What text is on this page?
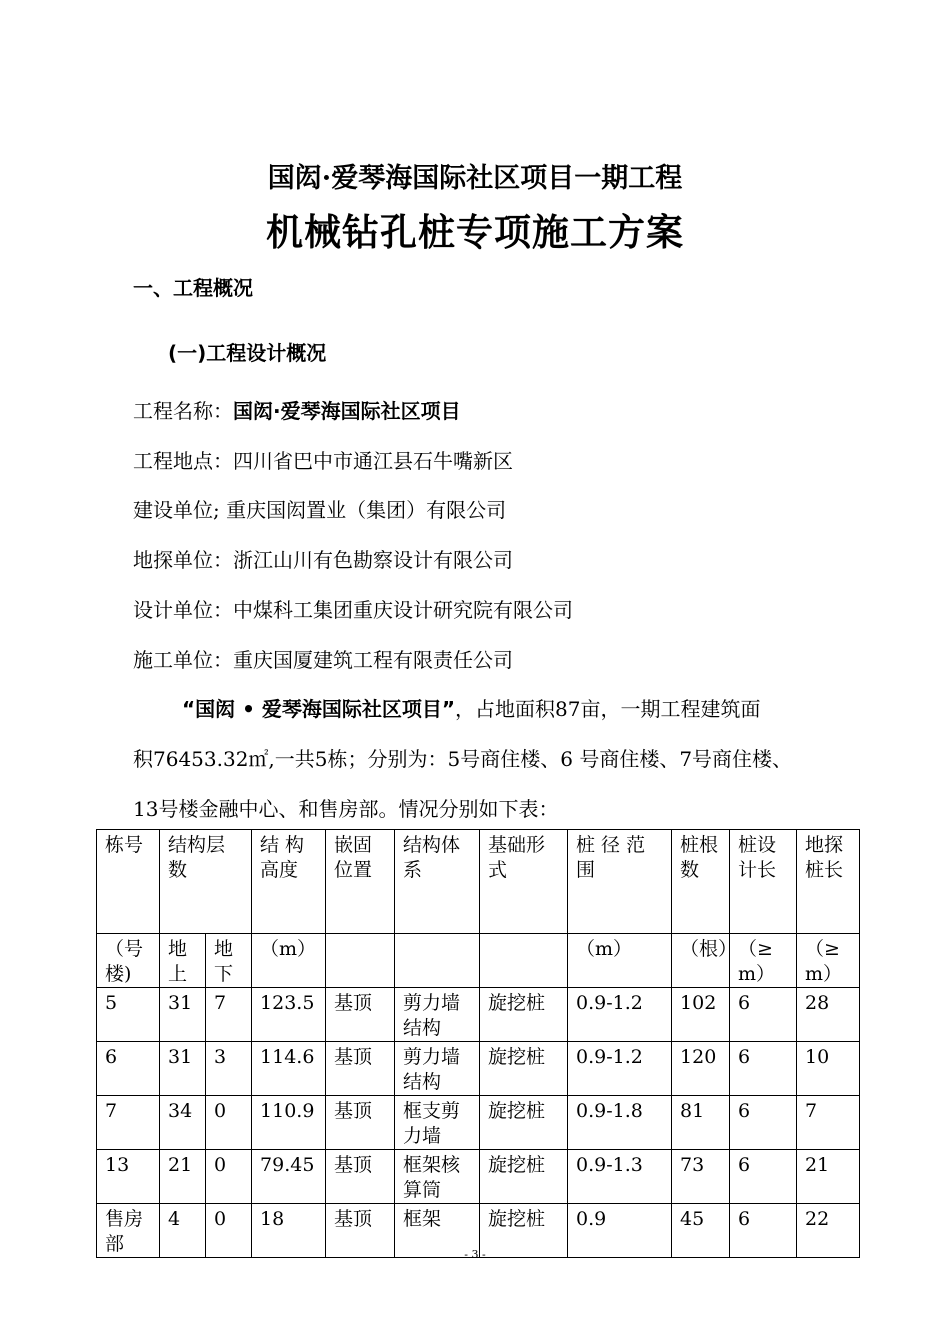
国闳·爱琴海国际社区项目一期工程
机械钻孔桩专项施工方案
一、工程概况
(一)工程设计概况
工程名称：国闳·爱琴海国际社区项目
工程地点：四川省巴中市通江县石牛嘴新区
建设单位; 重庆国闳置业（集团）有限公司
地探单位：浙江山川有色勘察设计有限公司
设计单位：中煤科工集团重庆设计研究院有限公司
施工单位：重庆国厦建筑工程有限责任公司
“国闳 • 爱琴海国际社区项目”，占地面积87亩，一期工程建筑面
积76453.32㎡,一共5栋；分别为：5号商住楼、6 号商住楼、7号商住楼、
13号楼金融中心、和售房部。情况分别如下表：
栋号	结构层数		结 构 高度	嵌固位置	结构体系	基础形式	桩 径 范围	桩根数	桩设计长	地探桩长
（号楼)	地上	地下	（m）				（m）	（根）	（≥m）	（≥m）
5	31	7	123.5	基顶	剪力墙结构	旋挖桩	0.9-1.2	102	6	28
6	31	3	114.6	基顶	剪力墙结构	旋挖桩	0.9-1.2	120	6	10
7	34	0	110.9	基顶	框支剪力墙	旋挖桩	0.9-1.8	81	6	7
13	21	0	79.45	基顶	框架核算筒	旋挖桩	0.9-1.3	73	6	21
售房部	4	0	18	基顶	框架	旋挖桩	0.9	45	6	22
- 3 -
